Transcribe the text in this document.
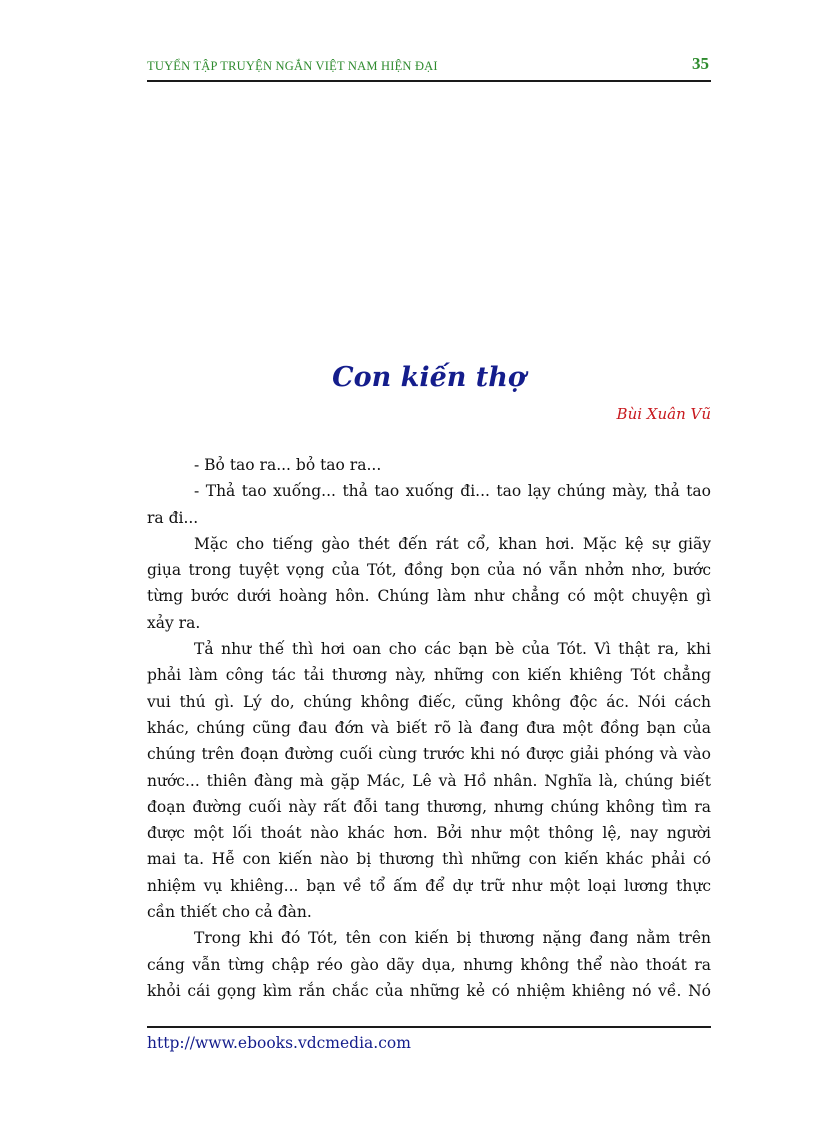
TUYỂN TẬP TRUYỆN NGẮN VIỆT NAM HIỆN ĐẠI	35
Con kiến thợ
Bùi Xuân Vũ
- Bỏ tao ra... bỏ tao ra...
- Thả tao xuống... thả tao xuống đi... tao lạy chúng mày, thả tao
ra đi...
Mặc cho tiếng gào thét đến rát cổ, khan hơi. Mặc kệ sự giãy
giụa trong tuyệt vọng của Tót, đồng bọn của nó vẫn nhởn nhơ, bước
từng bước dưới hoàng hôn. Chúng làm như chẳng có một chuyện gì
xảy ra.
Tả như thế thì hơi oan cho các bạn bè của Tót. Vì thật ra, khi
phải làm công tác tải thương này, những con kiến khiêng Tót chẳng
vui thú gì. Lý do, chúng không điếc, cũng không độc ác. Nói cách
khác, chúng cũng đau đớn và biết rõ là đang đưa một đồng bạn của
chúng trên đoạn đường cuối cùng trước khi nó được giải phóng và vào
nước... thiên đàng mà gặp Mác, Lê và Hồ nhân. Nghĩa là, chúng biết
đoạn đường cuối này rất đỗi tang thương, nhưng chúng không tìm ra
được một lối thoát nào khác hơn. Bởi như một thông lệ, nay người
mai ta. Hễ con kiến nào bị thương thì những con kiến khác phải có
nhiệm vụ khiêng... bạn về tổ ấm để dự trữ như một loại lương thực
cần thiết cho cả đàn.
Trong khi đó Tót, tên con kiến bị thương nặng đang nằm trên
cáng vẫn từng chập réo gào dãy dụa, nhưng không thể nào thoát ra
khỏi cái gọng kìm rắn chắc của những kẻ có nhiệm khiêng nó về. Nó
http://www.ebooks.vdcmedia.com
